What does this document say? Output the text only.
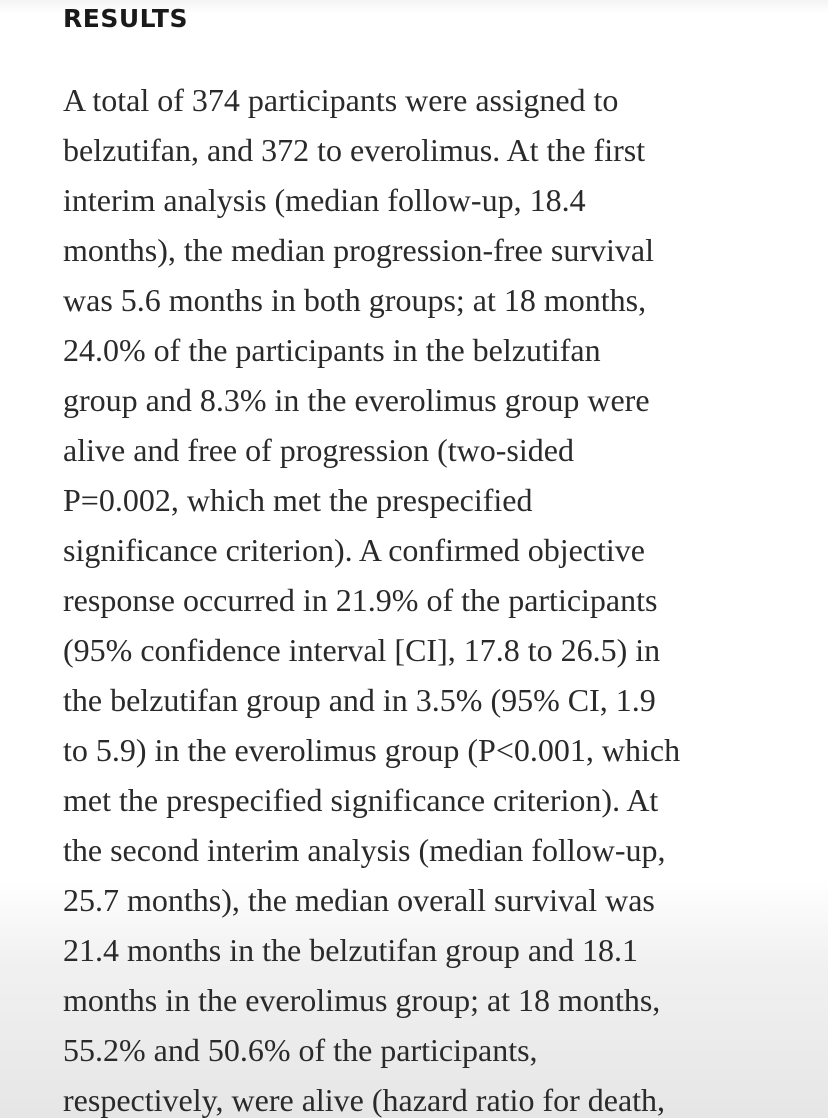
RESULTS

A total of 374 participants were assigned to
belzutifan, and 372 to everolimus. At the first
interim analysis (median follow-up, 18.4
months), the median progression-free survival
was 5.6 months in both groups; at 18 months,
24.0% of the participants in the belzutifan
group and 8.3% in the everolimus group were
alive and free of progression (two-sided
P=0.002, which met the prespecified
significance criterion). A confirmed objective
response occurred in 21.9% of the participants
(95% confidence interval [CI], 17.8 to 26.5) in
the belzutifan group and in 3.5% (95% CI, 1.9
to 5.9) in the everolimus group (P<0.001, which
met the prespecified significance criterion). At
the second interim analysis (median follow-up,
25.7 months), the median overall survival was
21.4 months in the belzutifan group and 18.1
months in the everolimus group; at 18 months,
55.2% and 50.6% of the participants,
respectively, were alive (hazard ratio for death,
